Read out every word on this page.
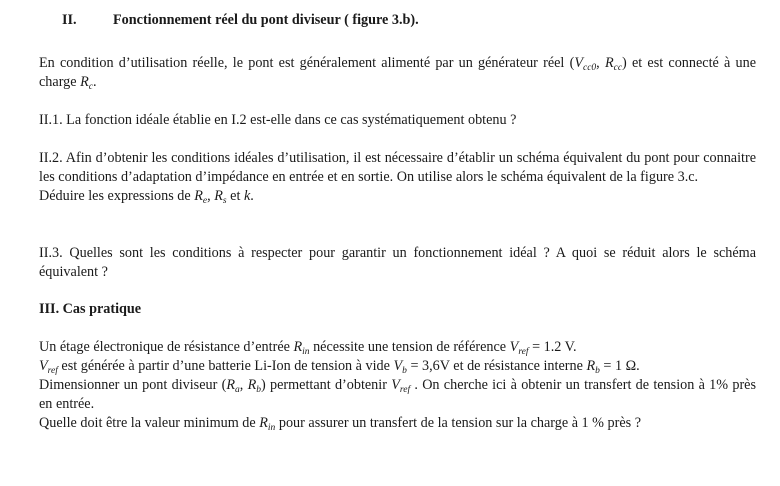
II.	Fonctionnement réel du pont diviseur ( figure 3.b).

En condition d’utilisation réelle, le pont est généralement alimenté par un générateur réel ($V_{cc0}$, $R_{cc}$) et est connecté à une charge $R_c$.

II.1. La fonction idéale établie en I.2 est-elle dans ce cas systématiquement obtenu ?

II.2. Afin d’obtenir les conditions idéales d’utilisation, il est nécessaire d’établir un schéma équivalent du pont pour connaitre les conditions d’adaptation d’impédance en entrée et en sortie. On utilise alors le schéma équivalent de la figure 3.c.
Déduire les expressions de $R_e$, $R_s$ et k.

II.3. Quelles sont les conditions à respecter pour garantir un fonctionnement idéal ? A quoi se réduit alors le schéma équivalent ?

III. Cas pratique

Un étage électronique de résistance d’entrée $R_{in}$ nécessite une tension de référence $V_{ref} = 1.2$ V.
$V_{ref}$ est générée à partir d’une batterie Li-Ion de tension à vide $V_b = 3,6V$ et de résistance interne $R_b = 1$ Ω.
Dimensionner un pont diviseur ($R_a$, $R_b$) permettant d’obtenir $V_{ref}$ . On cherche ici à obtenir un transfert de tension à 1% près en entrée.
Quelle doit être la valeur minimum de $R_{in}$ pour assurer un transfert de la tension sur la charge à 1 % près ?
